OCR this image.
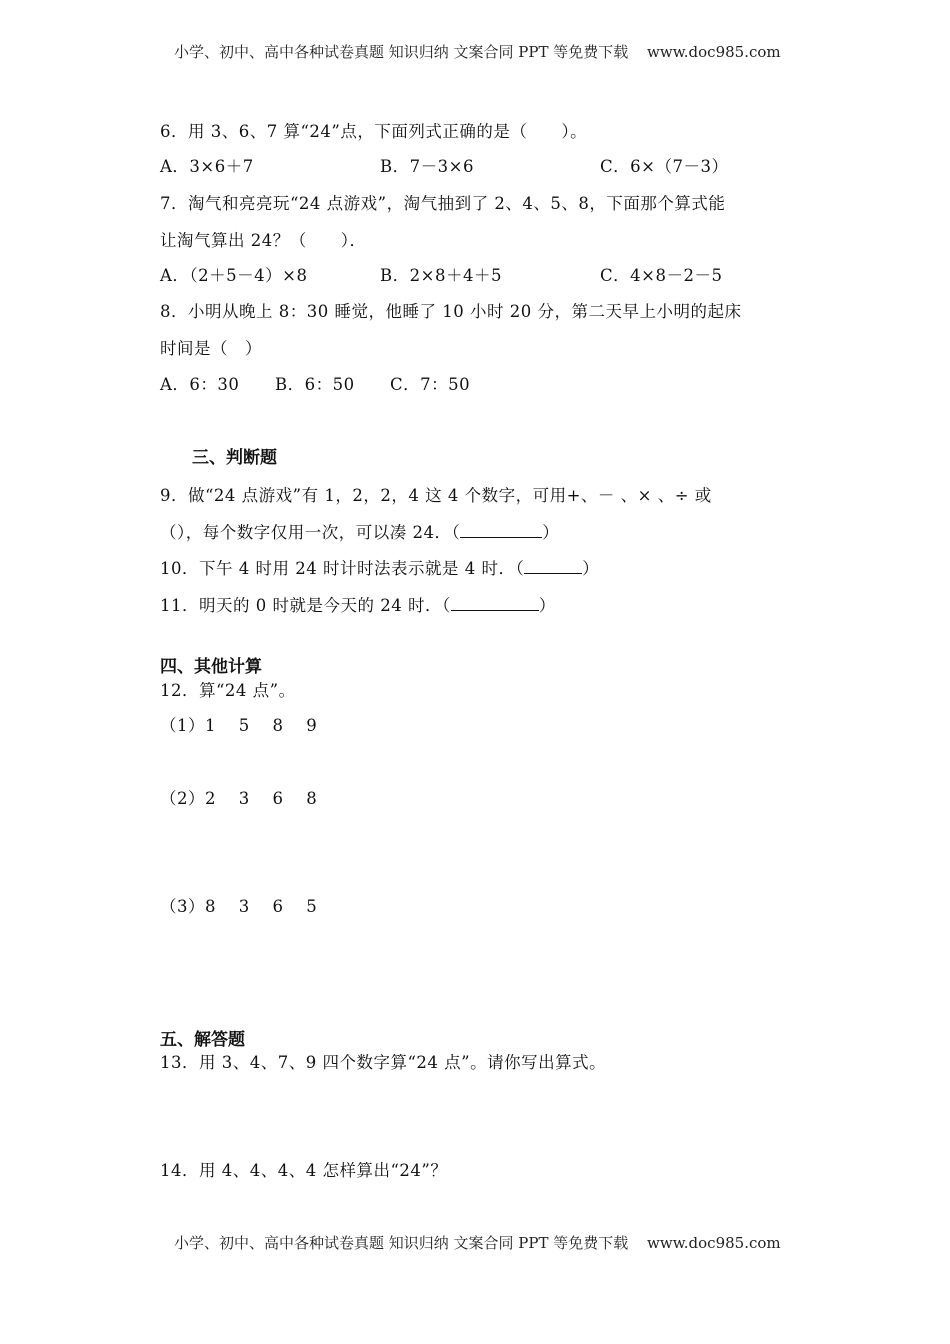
小学、初中、高中各种试卷真题 知识归纳 文案合同 PPT 等免费下载 www.doc985.com
6．用 3、6、7 算“24”点，下面列式正确的是（　　）。
A．3×6＋7	B．7－3×6	C．6×（7－3）
7．淘气和亮亮玩“24 点游戏”，淘气抽到了 2、4、5、8，下面那个算式能
让淘气算出 24？（　　）．
A．（2＋5－4）×8	B．2×8＋4＋5	C．4×8－2－5
8．小明从晚上 8：30 睡觉，他睡了 10 小时 20 分，第二天早上小明的起床
时间是（　）
A．6：30 B．6：50 C．7：50
三、判断题
9．做“24 点游戏”有 1，2，2，4 这 4 个数字，可用+、－ 、× 、÷ 或
（），每个数字仅用一次，可以凑 24．（	）
10．下午 4 时用 24 时计时法表示就是 4 时．（	）
11．明天的 0 时就是今天的 24 时．（	）
四、其他计算
12．算“24 点”。
（1）1　 5　 8　 9
（2）2　 3　 6　 8
（3）8　 3　 6　 5
五、解答题
13．用 3、4、7、9 四个数字算“24 点”。请你写出算式。
14．用 4、4、4、4 怎样算出“24”？
小学、初中、高中各种试卷真题 知识归纳 文案合同 PPT 等免费下载 www.doc985.com
